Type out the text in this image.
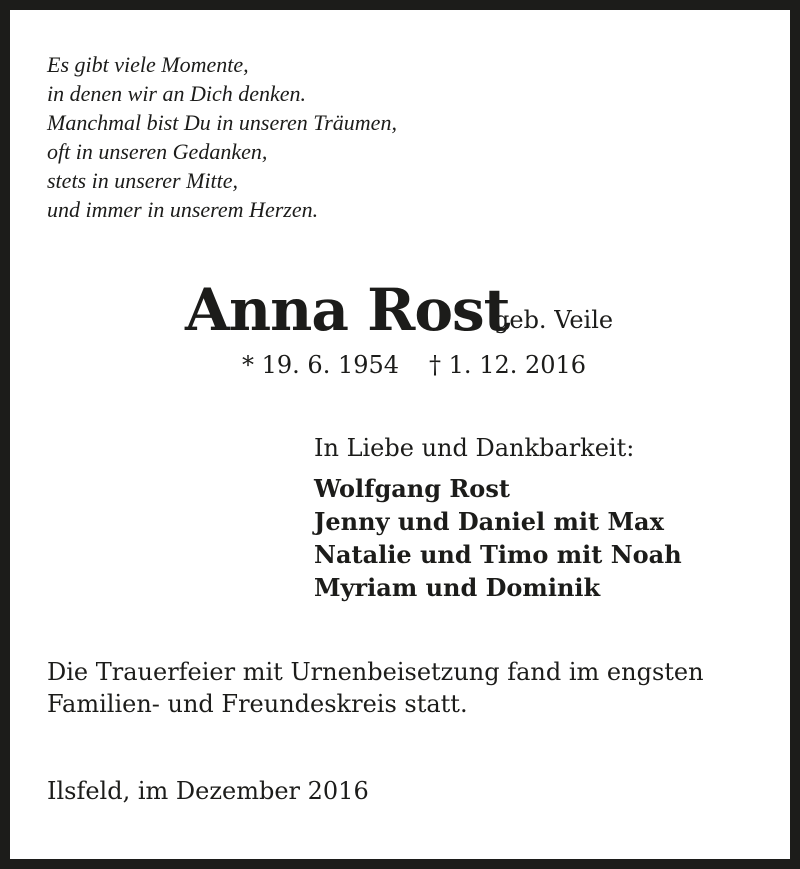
Es gibt viele Momente,
in denen wir an Dich denken.
Manchmal bist Du in unseren Träumen,
oft in unseren Gedanken,
stets in unserer Mitte,
und immer in unserem Herzen.
Anna Rost
geb. Veile
* 19. 6. 1954 † 1. 12. 2016
In Liebe und Dankbarkeit:
Wolfgang Rost
Jenny und Daniel mit Max
Natalie und Timo mit Noah
Myriam und Dominik
Die Trauerfeier mit Urnenbeisetzung fand im engsten
Familien- und Freundeskreis statt.
Ilsfeld, im Dezember 2016
